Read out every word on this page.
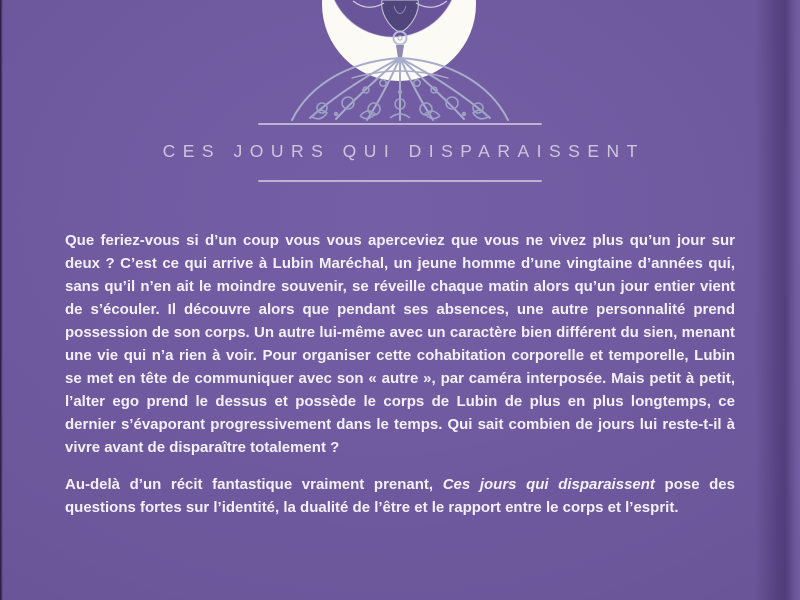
CES JOURS QUI DISPARAISSENT

Que feriez-vous si d’un coup vous vous aperceviez que vous ne vivez plus qu’un jour sur deux ? C’est ce qui arrive à Lubin Maréchal, un jeune homme d’une vingtaine d’années qui, sans qu’il n’en ait le moindre souvenir, se réveille chaque matin alors qu’un jour entier vient de s’écouler. Il découvre alors que pendant ses absences, une autre personnalité prend possession de son corps. Un autre lui-même avec un caractère bien différent du sien, menant une vie qui n’a rien à voir. Pour organiser cette cohabitation corporelle et temporelle, Lubin se met en tête de communiquer avec son « autre », par caméra interposée. Mais petit à petit, l’alter ego prend le dessus et possède le corps de Lubin de plus en plus longtemps, ce dernier s’évaporant progressivement dans le temps. Qui sait combien de jours lui reste-t-il à vivre avant de disparaître totalement ?

Au-delà d’un récit fantastique vraiment prenant, Ces jours qui disparaissent pose des questions fortes sur l’identité, la dualité de l’être et le rapport entre le corps et l’esprit.
